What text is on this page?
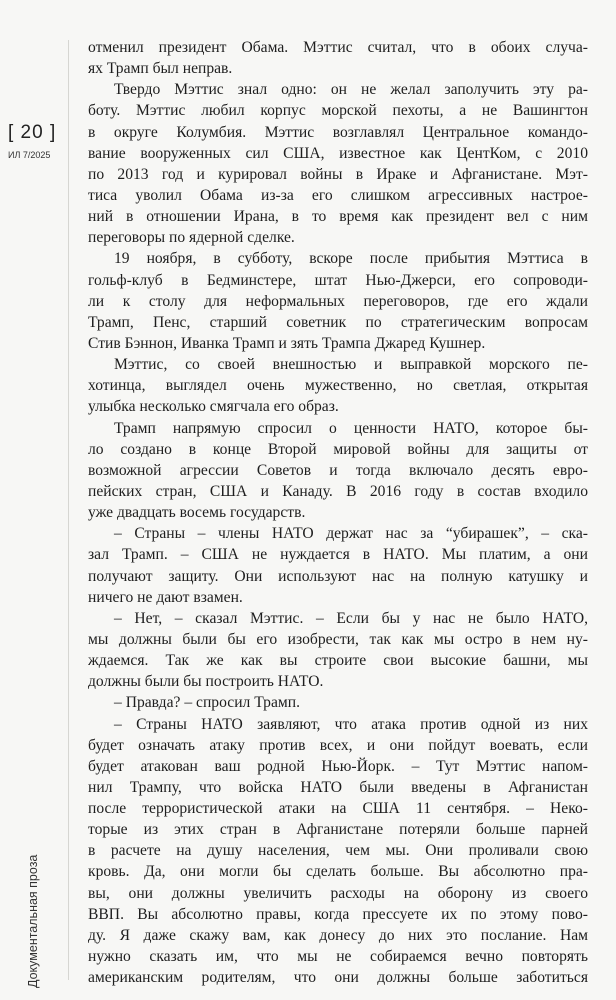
[ 20 ]
ИЛ 7/2025
Документальная проза
отменил президент Обама. Мэттис считал, что в обоих случа-
ях Трамп был неправ.
Твердо Мэттис знал одно: он не желал заполучить эту ра-
боту. Мэттис любил корпус морской пехоты, а не Вашингтон
в округе Колумбия. Мэттис возглавлял Центральное командо-
вание вооруженных сил США, известное как ЦентКом, с 2010
по 2013 год и курировал войны в Ираке и Афганистане. Мэт-
тиса уволил Обама из-за его слишком агрессивных настрое-
ний в отношении Ирана, в то время как президент вел с ним
переговоры по ядерной сделке.
19 ноября, в субботу, вскоре после прибытия Мэттиса в
гольф-клуб в Бедминстере, штат Нью-Джерси, его сопроводи-
ли к столу для неформальных переговоров, где его ждали
Трамп, Пенс, старший советник по стратегическим вопросам
Стив Бэннон, Иванка Трамп и зять Трампа Джаред Кушнер.
Мэттис, со своей внешностью и выправкой морского пе-
хотинца, выглядел очень мужественно, но светлая, открытая
улыбка несколько смягчала его образ.
Трамп напрямую спросил о ценности НАТО, которое бы-
ло создано в конце Второй мировой войны для защиты от
возможной агрессии Советов и тогда включало десять евро-
пейских стран, США и Канаду. В 2016 году в состав входило
уже двадцать восемь государств.
– Страны – члены НАТО держат нас за “убирашек”, – ска-
зал Трамп. – США не нуждается в НАТО. Мы платим, а они
получают защиту. Они используют нас на полную катушку и
ничего не дают взамен.
– Нет, – сказал Мэттис. – Если бы у нас не было НАТО,
мы должны были бы его изобрести, так как мы остро в нем ну-
ждаемся. Так же как вы строите свои высокие башни, мы
должны были бы построить НАТО.
– Правда? – спросил Трамп.
– Страны НАТО заявляют, что атака против одной из них
будет означать атаку против всех, и они пойдут воевать, если
будет атакован ваш родной Нью-Йорк. – Тут Мэттис напом-
нил Трампу, что войска НАТО были введены в Афганистан
после террористической атаки на США 11 сентября. – Неко-
торые из этих стран в Афганистане потеряли больше парней
в расчете на душу населения, чем мы. Они проливали свою
кровь. Да, они могли бы сделать больше. Вы абсолютно пра-
вы, они должны увеличить расходы на оборону из своего
ВВП. Вы абсолютно правы, когда прессуете их по этому пово-
ду. Я даже скажу вам, как донесу до них это послание. Нам
нужно сказать им, что мы не собираемся вечно повторять
американским родителям, что они должны больше заботиться
